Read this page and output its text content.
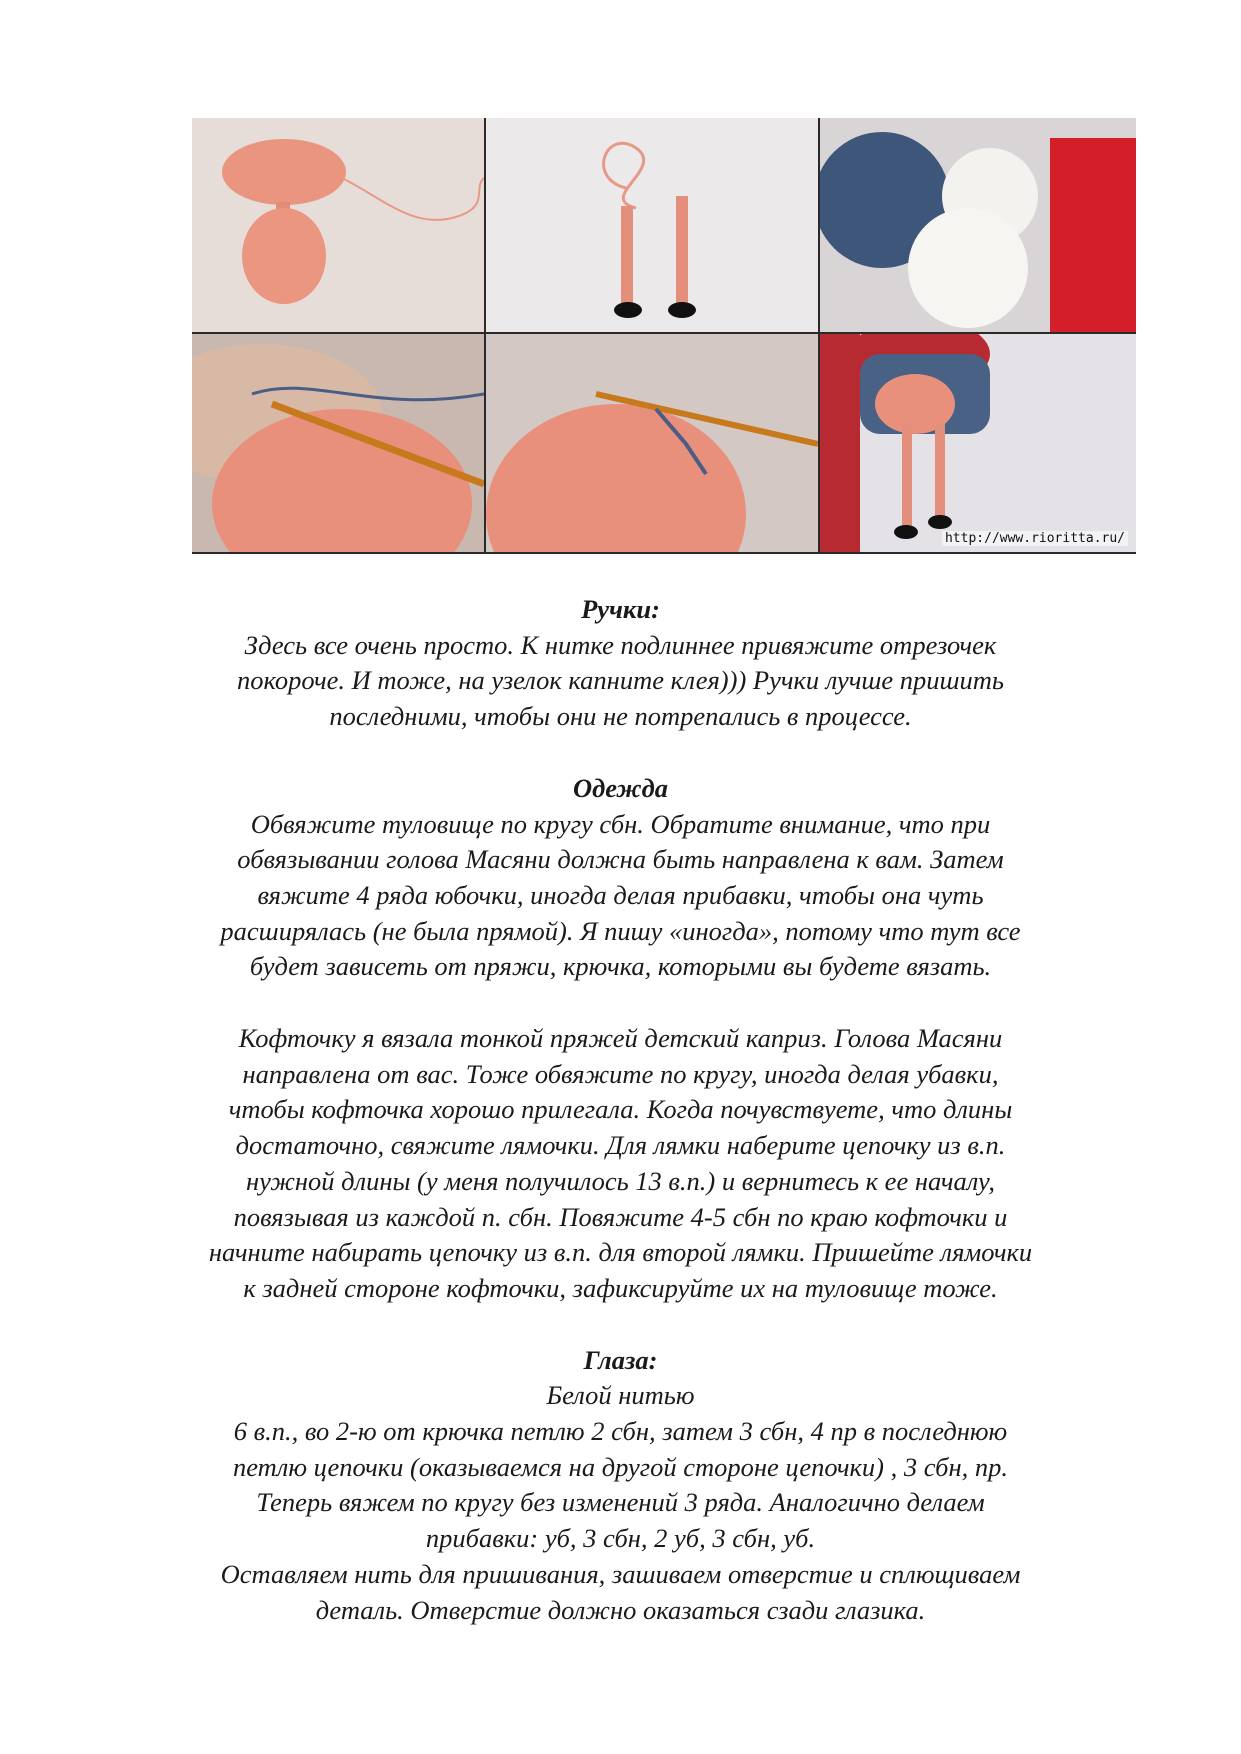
http://www.rioritta.ru/

Ручки:

Здесь все очень просто. К нитке подлиннее привяжите отрезочек

покороче. И тоже, на узелок капните клея))) Ручки лучше пришить

последними, чтобы они не потрепались в процессе.

Одежда

Обвяжите туловище по кругу сбн. Обратите внимание, что при

обвязывании голова Масяни должна быть направлена к вам. Затем

вяжите 4 ряда юбочки, иногда делая прибавки, чтобы она чуть

расширялась (не была прямой). Я пишу «иногда», потому что тут все

будет зависеть от пряжи, крючка, которыми вы будете вязать.

Кофточку я вязала тонкой пряжей детский каприз. Голова Масяни

направлена от вас. Тоже обвяжите по кругу, иногда делая убавки,

чтобы кофточка хорошо прилегала. Когда почувствуете, что длины

достаточно, свяжите лямочки. Для лямки наберите цепочку из в.п.

нужной длины (у меня получилось 13 в.п.) и вернитесь к ее началу,

повязывая из каждой п. сбн. Повяжите 4-5 сбн по краю кофточки и

начните набирать цепочку из в.п. для второй лямки. Пришейте лямочки

к задней стороне кофточки, зафиксируйте их на туловище тоже.

Глаза:

Белой нитью

6 в.п., во 2-ю от крючка петлю 2 сбн, затем 3 сбн, 4 пр в последнюю

петлю цепочки (оказываемся на другой стороне цепочки) , 3 сбн, пр.

Теперь вяжем по кругу без изменений 3 ряда. Аналогично делаем

прибавки: уб, 3 сбн, 2 уб, 3 сбн, уб.

Оставляем нить для пришивания, зашиваем отверстие и сплющиваем

деталь. Отверстие должно оказаться сзади глазика.
